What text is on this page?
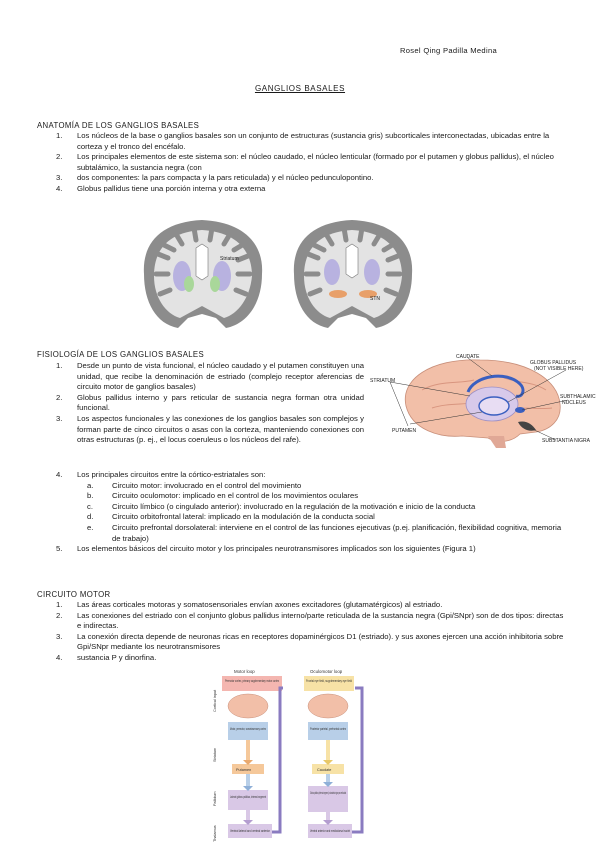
Rosel Qing Padilla Medina
GANGLIOS BASALES
ANATOMÍA DE LOS GANGLIOS BASALES
1. Los núcleos de la base o ganglios basales son un conjunto de estructuras (sustancia gris) subcorticales interconectadas, ubicadas entre la corteza y el tronco del encéfalo.
2. Los principales elementos de este sistema son: el núcleo caudado, el núcleo lenticular (formado por el putamen y globus pallidus), el núcleo subtalámico, la sustancia negra (con
3. dos componentes: la pars compacta y la pars reticulada) y el núcleo pedunculopontino.
4. Globus pallidus tiene una porción interna y otra externa
Striatum
STN
FISIOLOGÍA DE LOS GANGLIOS BASALES
1. Desde un punto de vista funcional, el núcleo caudado y el putamen constituyen una unidad, que recibe la denominación de estriado (complejo receptor aferencias de circuito motor de ganglios basales)
2. Globus pallidus interno y pars reticular de sustancia negra forman otra unidad funcional.
3. Los aspectos funcionales y las conexiones de los ganglios basales son complejos y forman parte de cinco circuitos o asas con la corteza, manteniendo conexiones con otras estructuras (p. ej., el locus coeruleus o los núcleos del rafe).
4. Los principales circuitos entre la córtico-estriatales son:
a. Circuito motor: involucrado en el control del movimiento
b. Circuito oculomotor: implicado en el control de los movimientos oculares
c. Circuito límbico (o cingulado anterior): involucrado en la regulación de la motivación e inicio de la conducta
d. Circuito orbitofrontal lateral: implicado en la modulación de la conducta social
e. Circuito prefrontal dorsolateral: interviene en el control de las funciones ejecutivas (p.ej. planificación, flexibilidad cognitiva, memoria de trabajo)
5. Los elementos básicos del circuito motor y los principales neurotransmisores implicados son los siguientes (Figura 1)
CAUDATE
STRIATUM
GLOBUS PALLIDUS
(NOT VISIBLE HERE)
SUBTHALAMIC
NUCLEUS
PUTAMEN
SUBSTANTIA NIGRA
CIRCUITO MOTOR
1. Las áreas corticales motoras y somatosensoriales envían axones excitadores (glutamatérgicos) al estriado.
2. Las conexiones del estriado con el conjunto globus pallidus interno/parte reticulada de la sustancia negra (Gpi/SNpr) son de dos tipos: directas e indirectas.
3. La conexión directa depende de neuronas ricas en receptores dopaminérgicos D1 (estriado). y sus axones ejercen una acción inhibitoria sobre Gpi/SNpr mediante los neurotransmisores
4. sustancia P y dinorfina.
Cortical input
Striatum
Pallidum
Thalamus
Motor loop	Oculomotor loop
Premotor cortex, primary supplementary motor cortex
Motor, premotor, somatosensory cortex
Putamen
Lateral globus pallidus, internal segment
Ventral lateral and ventral anterior
Frontal eye field, supplementary eye field
Posterior parietal, prefrontal cortex
Caudate
Globus pallidus (internal segment), substantia nigra pars reticulata
Ventral anterior and mediodorsal nuclei
